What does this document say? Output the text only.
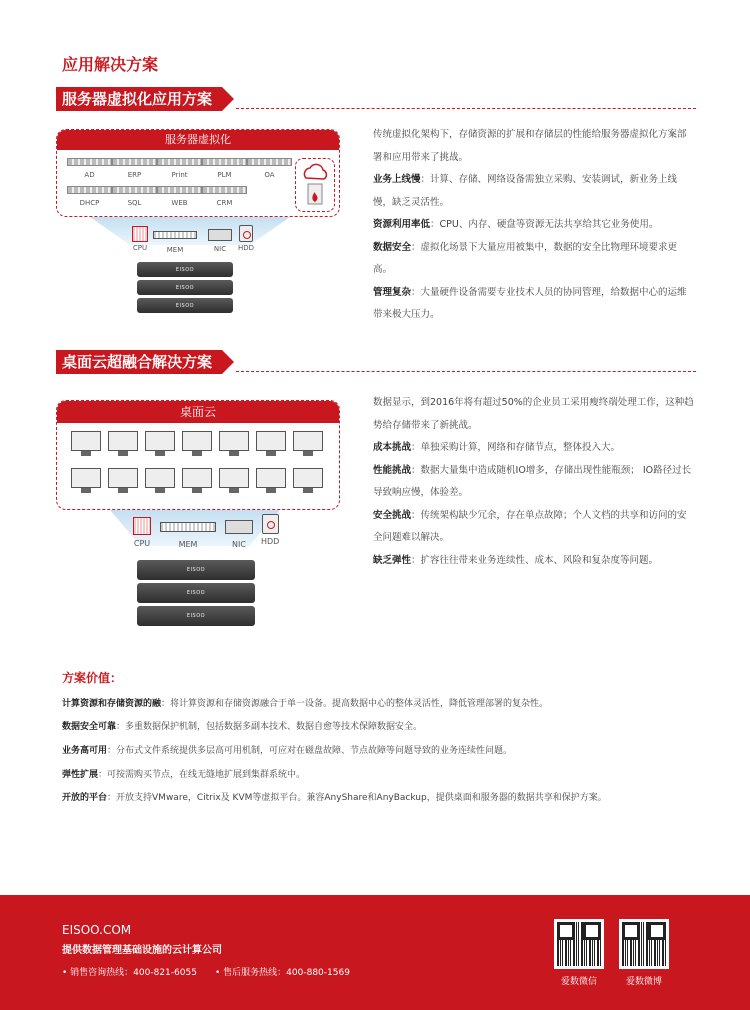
应用解决方案
服务器虚拟化应用方案
服务器虚拟化
AD	ERP	Print	PLM	OA
DHCP	SQL	WEB	CRM
CPU	MEM	NIC	HDD
EISOO
EISOO
EISOO
传统虚拟化架构下，存储资源的扩展和存储层的性能给服务器虚拟化方案部署和应用带来了挑战。
业务上线慢：计算、存储、网络设备需独立采购、安装调试，新业务上线慢，缺乏灵活性。
资源利用率低：CPU、内存、硬盘等资源无法共享给其它业务使用。
数据安全：虚拟化场景下大量应用被集中，数据的安全比物理环境要求更高。
管理复杂：大量硬件设备需要专业技术人员的协同管理，给数据中心的运维带来极大压力。
桌面云超融合解决方案
桌面云
CPU	MEM	NIC	HDD
EISOO
EISOO
EISOO
数据显示，到2016年将有超过50%的企业员工采用瘦终端处理工作，这种趋势给存储带来了新挑战。
成本挑战：单独采购计算，网络和存储节点，整体投入大。
性能挑战：数据大量集中造成随机IO增多，存储出现性能瓶颈； IO路径过长导致响应慢，体验差。
安全挑战：传统架构缺少冗余，存在单点故障；个人文档的共享和访问的安全问题难以解决。
缺乏弹性：扩容往往带来业务连续性、成本、风险和复杂度等问题。
方案价值：
计算资源和存储资源的融：将计算资源和存储资源融合于单一设备。提高数据中心的整体灵活性，降低管理部署的复杂性。
数据安全可靠：多重数据保护机制，包括数据多副本技术、数据自愈等技术保障数据安全。
业务高可用：分布式文件系统提供多层高可用机制，可应对在磁盘故障、节点故障等问题导致的业务连续性问题。
弹性扩展：可按需购买节点，在线无缝地扩展到集群系统中。
开放的平台：开放支持VMware，Citrix及 KVM等虚拟平台。兼容AnyShare和AnyBackup，提供桌面和服务器的数据共享和保护方案。
EISOO.COM
提供数据管理基础设施的云计算公司
• 销售咨询热线：400-821-6055 • 售后服务热线：400-880-1569
爱数微信	爱数微博
